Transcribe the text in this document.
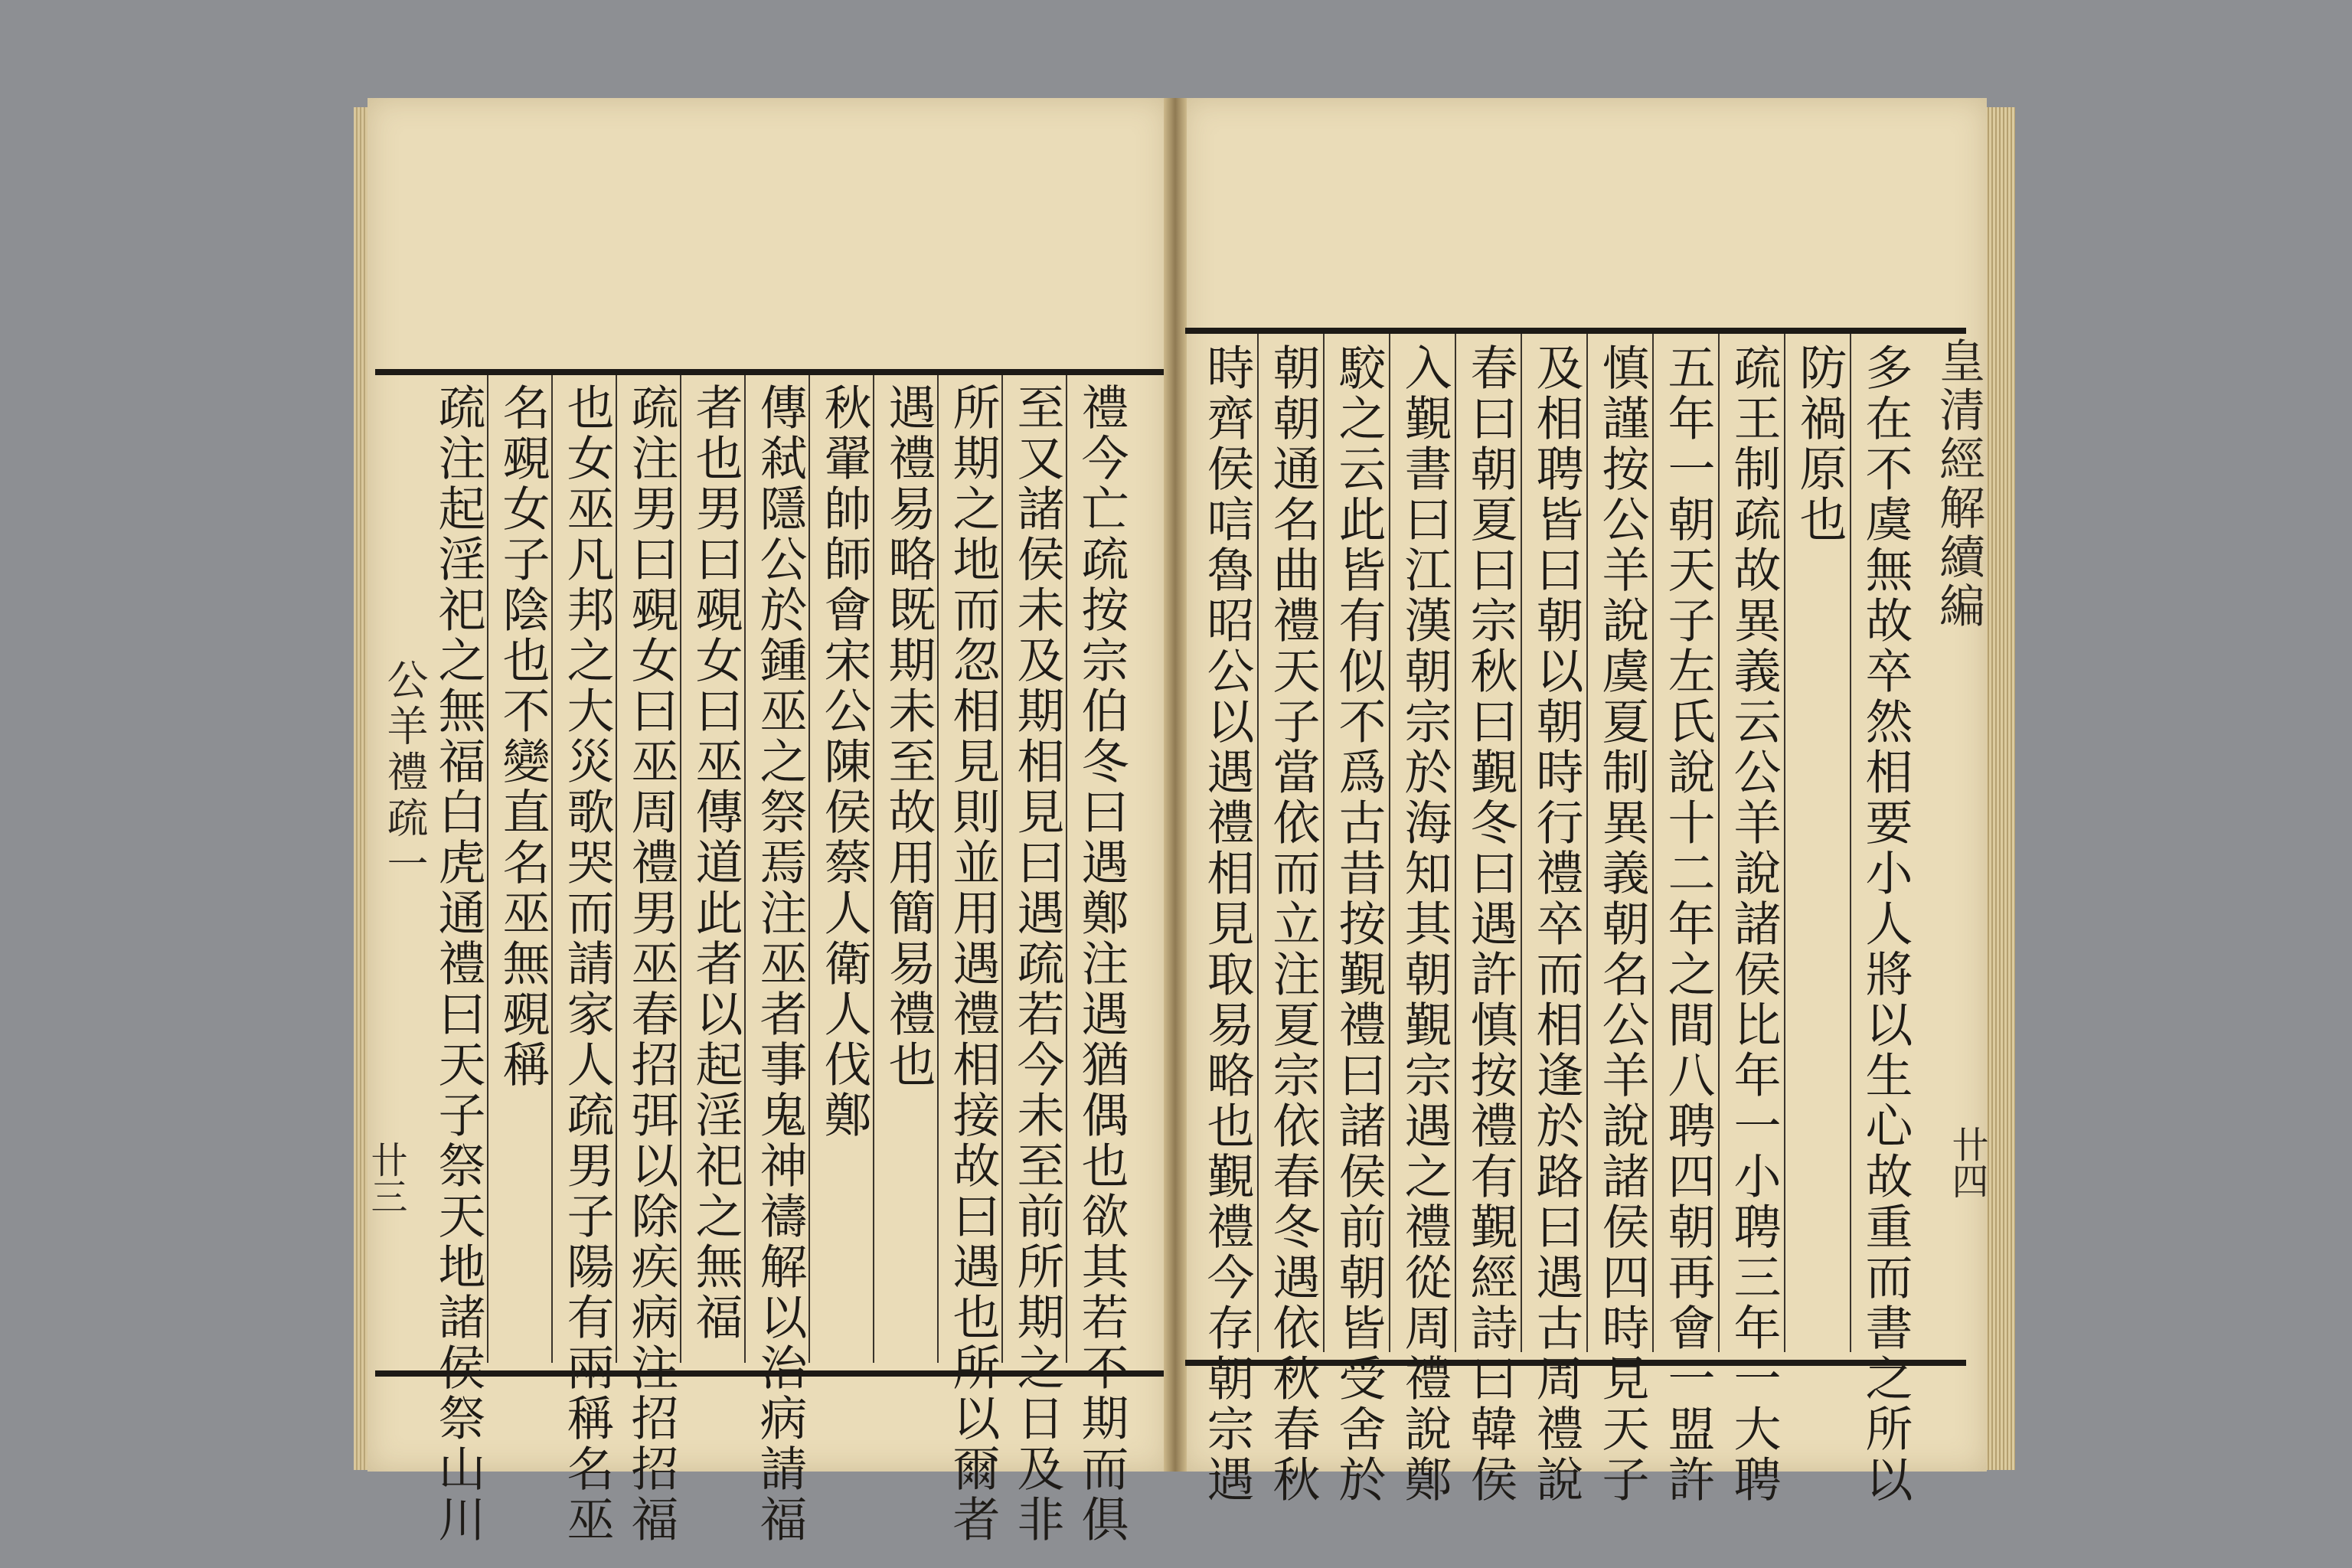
公羊禮疏一
卄三	禮今亡疏按宗伯冬曰遇鄭注遇猶偶也欲其若不期而俱
至又諸侯未及期相見曰遇疏若今未至前所期之日及非
所期之地而忽相見則並用遇禮相接故曰遇也所以爾者
遇禮易略既期未至故用簡易禮也
秋翬帥師會宋公陳侯蔡人衛人伐鄭
傳弒隱公於鍾巫之祭焉注巫者事鬼神禱解以治病請福
者也男曰覡女曰巫傳道此者以起淫祀之無福
疏注男曰覡女曰巫周禮男巫春招弭以除疾病注招招福
也女巫凡邦之大災歌哭而請家人疏男子陽有兩稱名巫
名覡女子陰也不變直名巫無覡稱
疏注起淫祀之無福白虎通禮曰天子祭天地諸侯祭山川	皇清經解續編
卄四
多在不虞無故卒然相要小人將以生心故重而書之所以
防禍原也
疏王制疏故異義云公羊說諸侯比年一小聘三年一大聘
五年一朝天子左氏說十二年之間八聘四朝再會一盟許
慎謹按公羊說虞夏制異義朝名公羊說諸侯四時見天子
及相聘皆曰朝以朝時行禮卒而相逢於路曰遇古周禮說
春曰朝夏曰宗秋曰覲冬曰遇許慎按禮有覲經詩曰韓侯
入覲書曰江漢朝宗於海知其朝覲宗遇之禮從周禮說鄭
駮之云此皆有似不爲古昔按覲禮曰諸侯前朝皆受舍於
朝朝通名曲禮天子當依而立注夏宗依春冬遇依秋春秋
時齊侯唁魯昭公以遇禮相見取易略也覲禮今存朝宗遇
